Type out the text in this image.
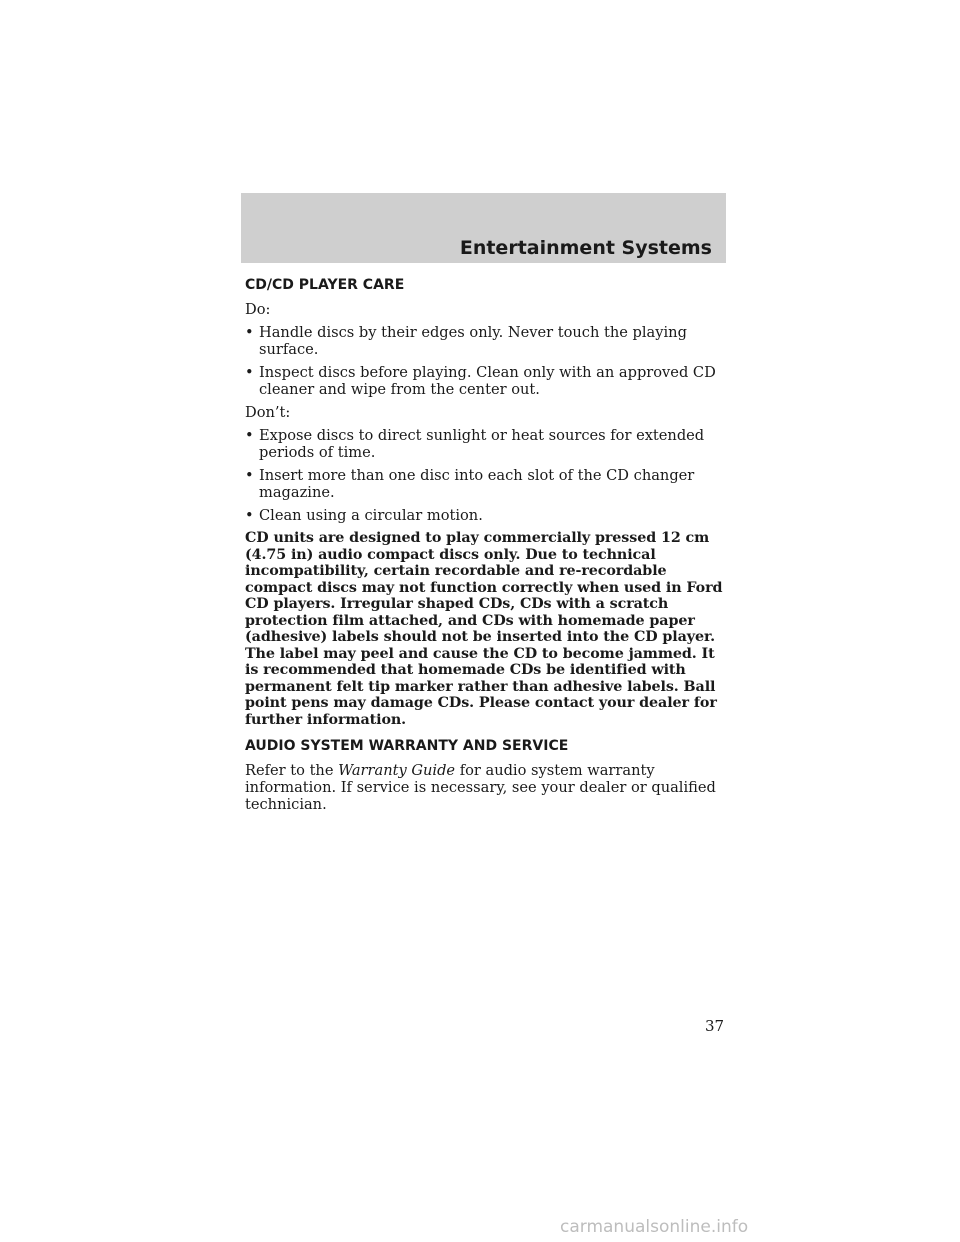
Entertainment Systems
CD/CD PLAYER CARE
Do:
• Handle discs by their edges only. Never touch the playing surface.
• Inspect discs before playing. Clean only with an approved CD cleaner and wipe from the center out.
Don’t:
• Expose discs to direct sunlight or heat sources for extended periods of time.
• Insert more than one disc into each slot of the CD changer magazine.
• Clean using a circular motion.
CD units are designed to play commercially pressed 12 cm (4.75 in) audio compact discs only. Due to technical incompatibility, certain recordable and re-recordable compact discs may not function correctly when used in Ford CD players. Irregular shaped CDs, CDs with a scratch protection film attached, and CDs with homemade paper (adhesive) labels should not be inserted into the CD player. The label may peel and cause the CD to become jammed. It is recommended that homemade CDs be identified with permanent felt tip marker rather than adhesive labels. Ball point pens may damage CDs. Please contact your dealer for further information.
AUDIO SYSTEM WARRANTY AND SERVICE
Refer to the Warranty Guide for audio system warranty information. If service is necessary, see your dealer or qualified technician.
37
carmanualsonline.info
